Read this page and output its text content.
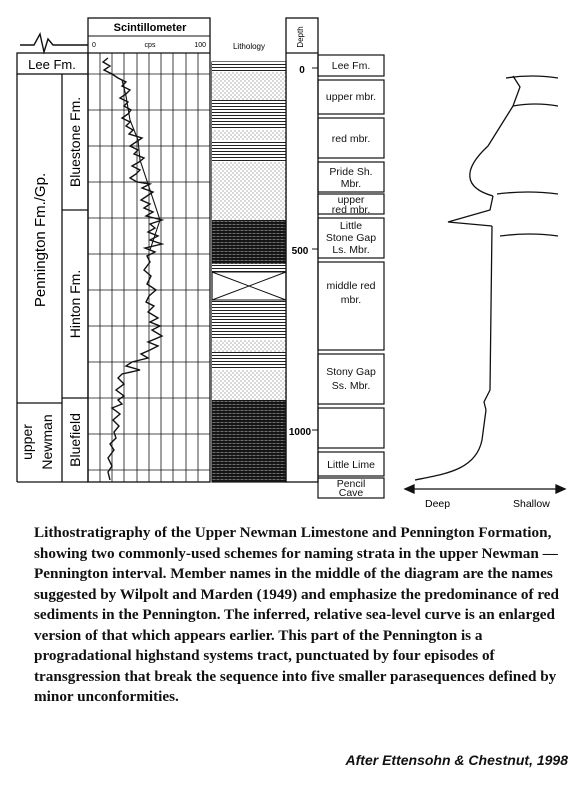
Lee Fm.
Pennington Fm./Gp.
Bluestone Fm.
Hinton Fm.
Bluefield
upper Newman
Scintillometer
0	cps	100	Lithology	Depth
0
500
1000
Lee Fm.
upper mbr.
red mbr.
Pride Sh.
Mbr.
upper
red mbr.
Little
Stone Gap
Ls. Mbr.
middle red
mbr.
Stony Gap
Ss. Mbr.
Little Lime
Pencil
Cave
Deep	Shallow

Lithostratigraphy of the Upper Newman Limestone and Pennington Formation, showing two commonly-used schemes for naming strata in the upper Newman — Pennington interval. Member names in the middle of the diagram are the names suggested by Wilpolt and Marden (1949) and emphasize the predominance of red sediments in the Pennington. The inferred, relative sea-level curve is an enlarged version of that which appears earlier. This part of the Pennington is a progradational highstand systems tract, punctuated by four episodes of transgression that break the sequence into five smaller parasequences defined by minor unconformities.

After Ettensohn & Chestnut, 1998
